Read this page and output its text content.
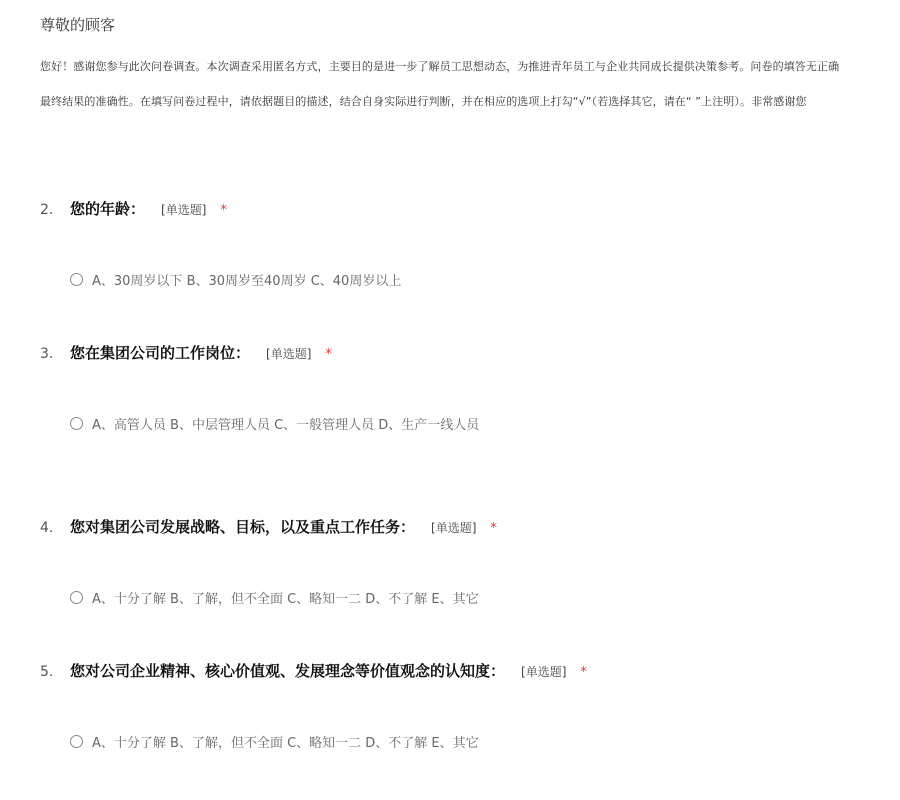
尊敬的顾客
您好！感谢您参与此次问卷调查。本次调查采用匿名方式，主要目的是进一步了解员工思想动态，为推进青年员工与企业共同成长提供决策参考。问卷的填答无正确
最终结果的准确性。在填写问卷过程中，请依据题目的描述，结合自身实际进行判断，并在相应的选项上打勾“√”（若选择其它，请在“ ”上注明）。非常感谢您
2.	您的年龄： [单选题] *
A、30周岁以下 B、30周岁至40周岁 C、40周岁以上
3.	您在集团公司的工作岗位： [单选题] *
A、高管人员 B、中层管理人员 C、一般管理人员 D、生产一线人员
4.	您对集团公司发展战略、目标，以及重点工作任务： [单选题] *
A、十分了解 B、了解，但不全面 C、略知一二 D、不了解 E、其它
5.	您对公司企业精神、核心价值观、发展理念等价值观念的认知度： [单选题] *
A、十分了解 B、了解，但不全面 C、略知一二 D、不了解 E、其它
